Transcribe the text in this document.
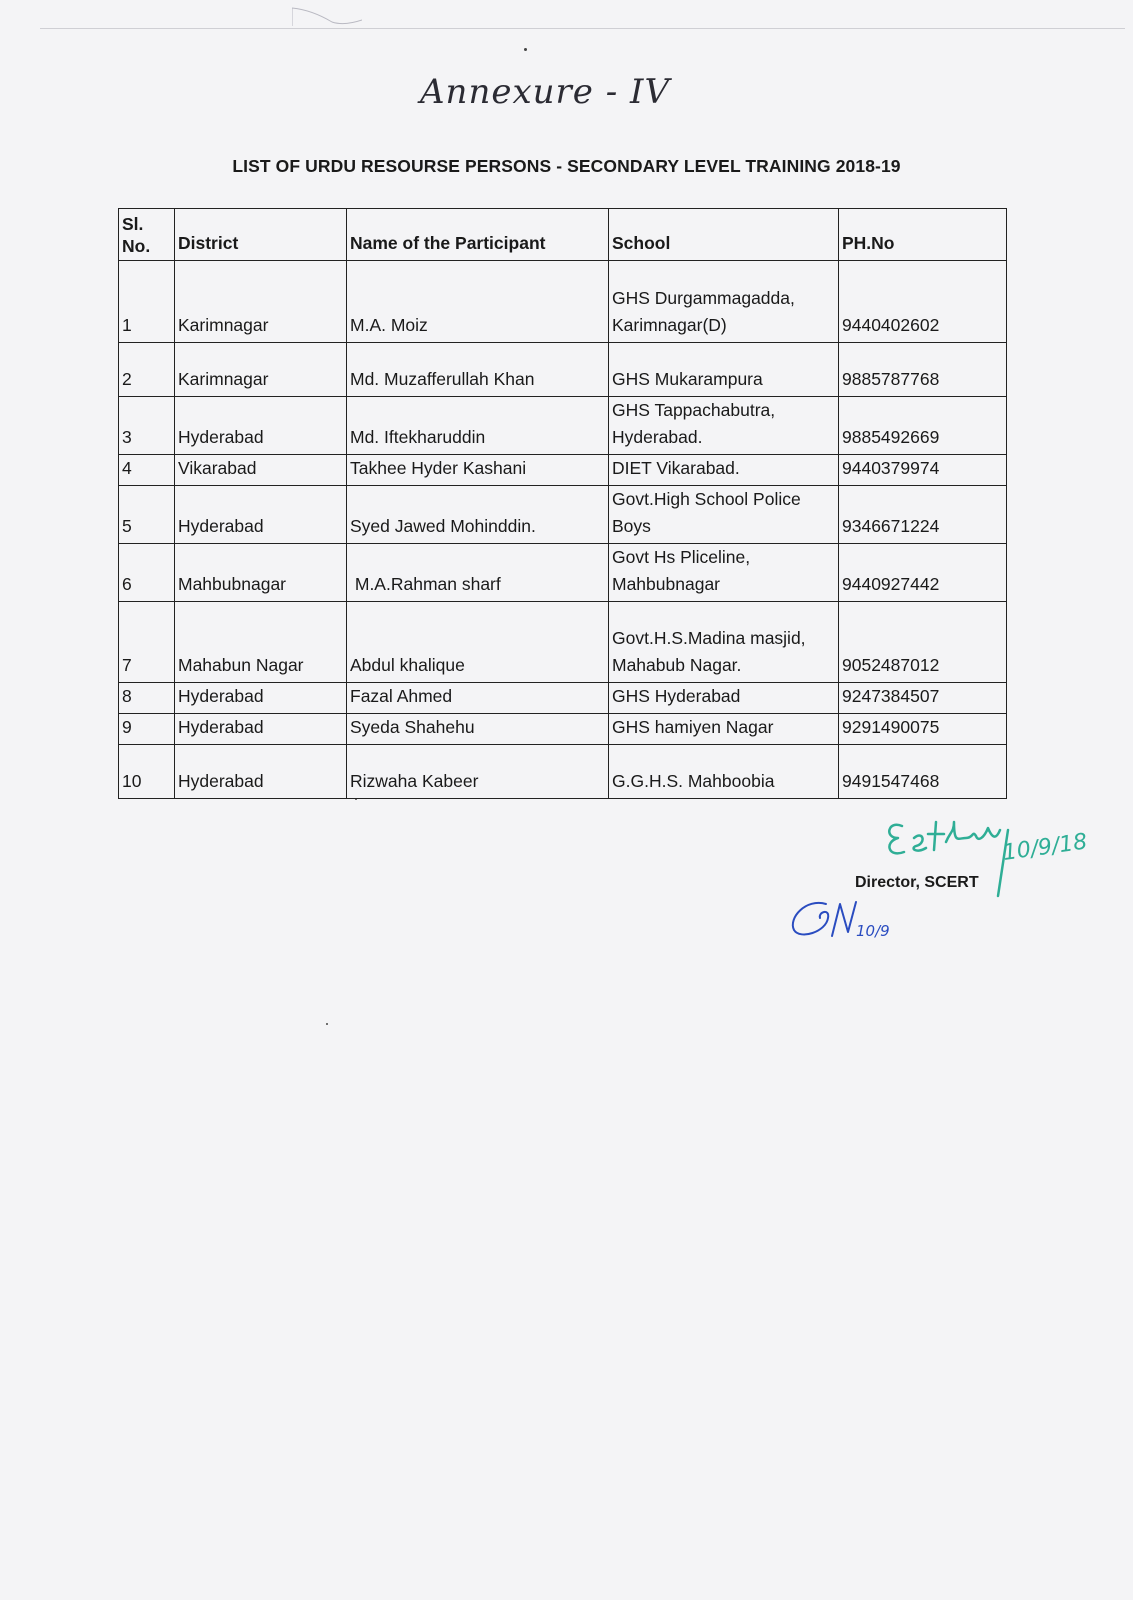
Annexure - IV
LIST OF URDU RESOURSE PERSONS - SECONDARY LEVEL TRAINING 2018-19
Sl.
No.	District	Name of the Participant	School	PH.No
1	Karimnagar	M.A. Moiz	GHS Durgammagadda,
Karimnagar(D)	9440402602
2	Karimnagar	Md. Muzafferullah Khan	GHS Mukarampura	9885787768
3	Hyderabad	Md. Iftekharuddin	GHS Tappachabutra,
Hyderabad.	9885492669
4	Vikarabad	Takhee Hyder Kashani	DIET Vikarabad.	9440379974
5	Hyderabad	Syed Jawed Mohinddin.	Govt.High School Police
Boys	9346671224
6	Mahbubnagar	M.A.Rahman sharf	Govt Hs Pliceline,
Mahbubnagar	9440927442
7	Mahabun Nagar	Abdul khalique	Govt.H.S.Madina masjid,
Mahabub Nagar.	9052487012
8	Hyderabad	Fazal Ahmed	GHS Hyderabad	9247384507
9	Hyderabad	Syeda Shahehu	GHS hamiyen Nagar	9291490075
10	Hyderabad	Rizwaha Kabeer	G.G.H.S. Mahboobia	9491547468
10/9/18
Director, SCERT
10/9
